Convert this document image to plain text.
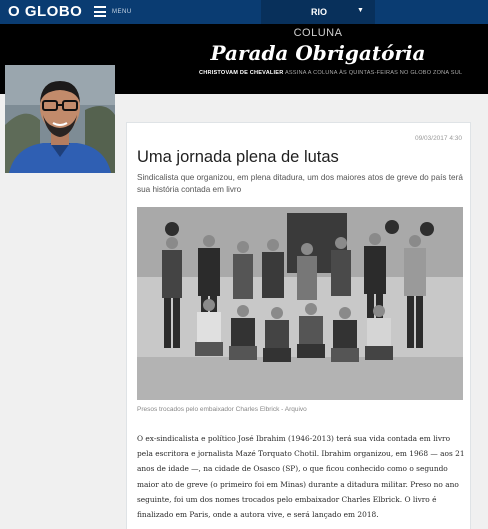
O GLOBO	MENU	RIO	▼
COLUNA
Parada Obrigatória
CHRISTOVAM DE CHEVALIER ASSINA A COLUNA ÀS QUINTAS-FEIRAS NO GLOBO ZONA SUL
09/03/2017 4:30
Uma jornada plena de lutas
Sindicalista que organizou, em plena ditadura, um dos maiores atos de greve do país terá sua história contada em livro
Presos trocados pelo embaixador Charles Elbrick - Arquivo
O ex-sindicalista e político José Ibrahim (1946-2013) terá sua vida contada em livro pela escritora e jornalista Mazé Torquato Chotil. Ibrahim organizou, em 1968 — aos 21 anos de idade —, na cidade de Osasco (SP), o que ficou conhecido como o segundo maior ato de greve (o primeiro foi em Minas) durante a ditadura militar. Preso no ano seguinte, foi um dos nomes trocados pelo embaixador Charles Elbrick. O livro é finalizado em Paris, onde a autora vive, e será lançado em 2018.
